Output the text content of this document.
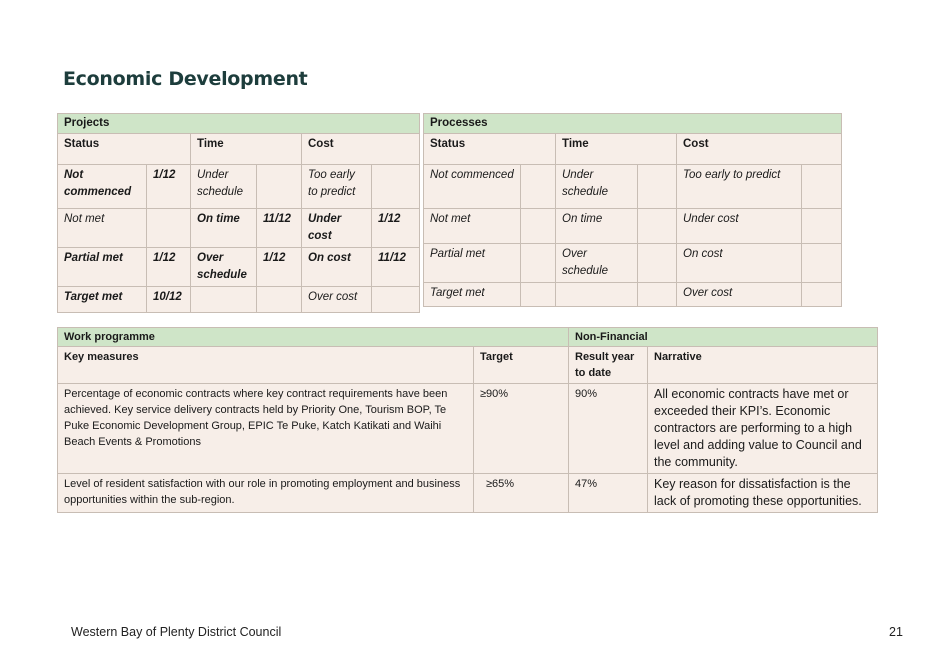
Economic Development
Projects					
Status		Time		Cost	
Not commenced	1/12	Under schedule		Too early to predict	
Not met		On time	11/12	Under cost	1/12
Partial met	1/12	Over schedule	1/12	On cost	11/12
Target met	10/12			Over cost	
Processes					
Status		Time		Cost	
Not commenced		Under schedule		Too early to predict	
Not met		On time		Under cost	
Partial met		Over schedule		On cost	
Target met				Over cost	
Work programme		Non-Financial	
Key measures	Target	Result year to date	Narrative
Percentage of economic contracts where key contract requirements have been achieved. Key service delivery contracts held by Priority One, Tourism BOP, Te Puke Economic Development Group, EPIC Te Puke, Katch Katikati and Waihi Beach Events & Promotions	≥90%	90%	All economic contracts have met or exceeded their KPI’s. Economic contractors are performing to a high level and adding value to Council and the community.
Level of resident satisfaction with our role in promoting employment and business opportunities within the sub-region.	≥65%	47%	Key reason for dissatisfaction is the lack of promoting these opportunities.
Western Bay of Plenty District Council	21
